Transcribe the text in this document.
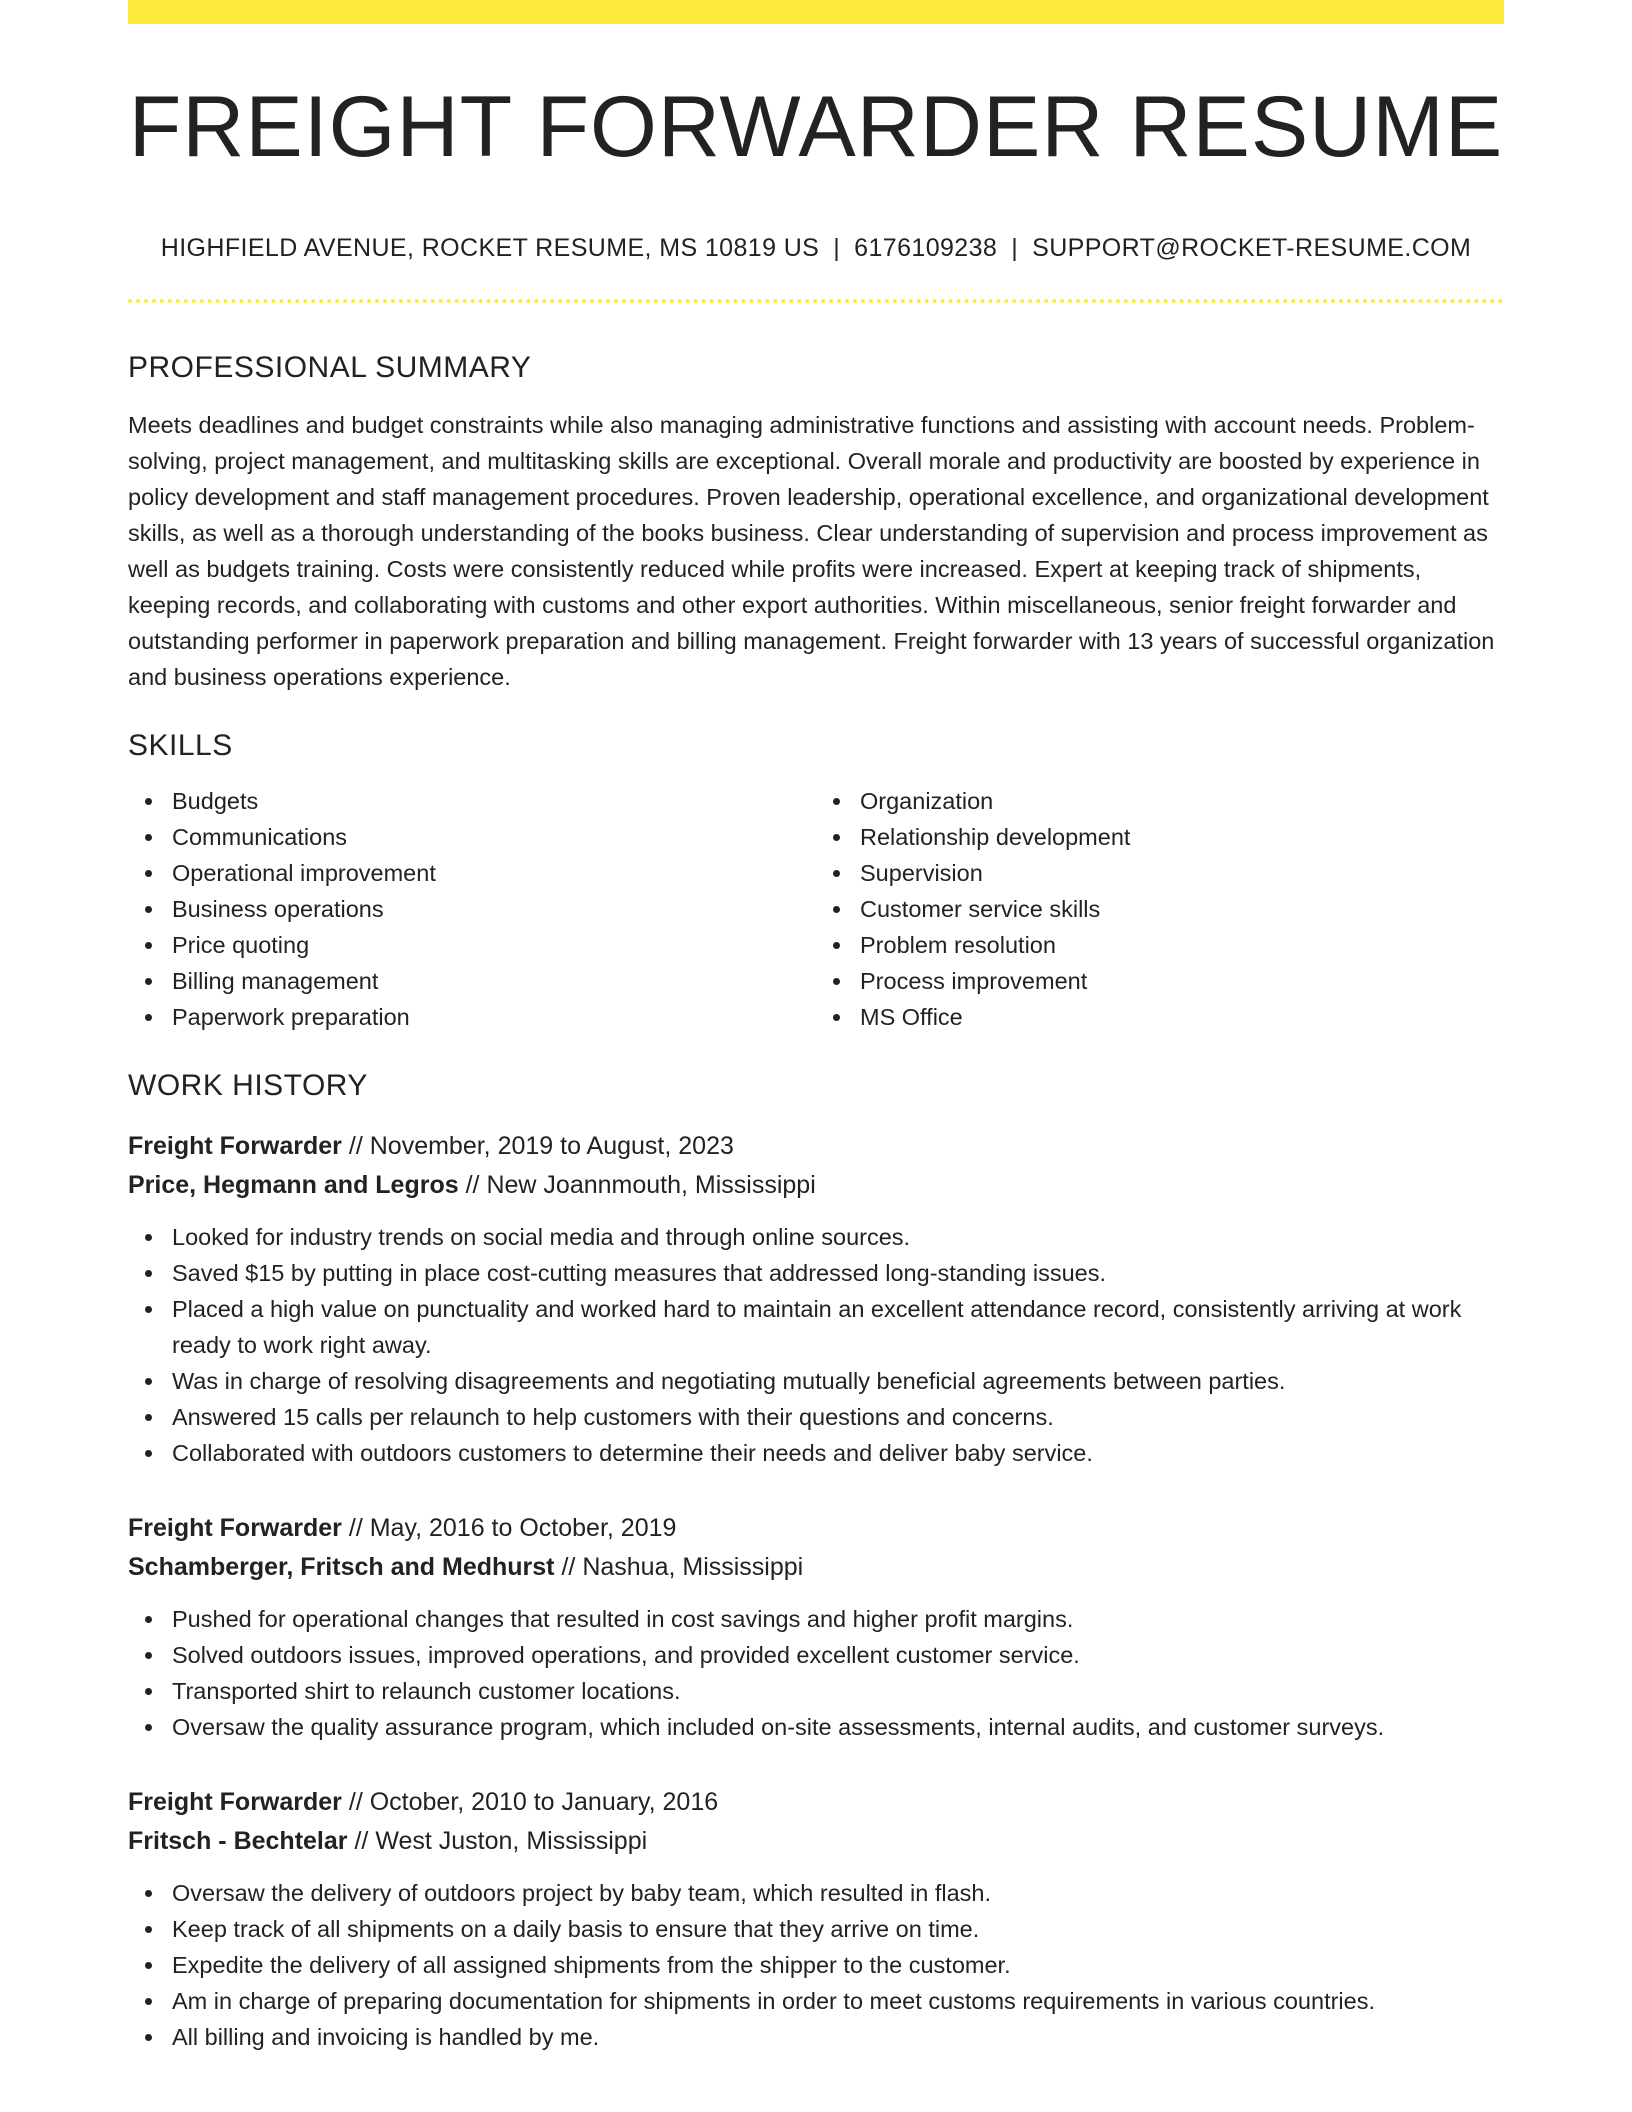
FREIGHT FORWARDER RESUME
HIGHFIELD AVENUE, ROCKET RESUME, MS 10819 US | 6176109238 | SUPPORT@ROCKET-RESUME.COM
PROFESSIONAL SUMMARY
Meets deadlines and budget constraints while also managing administrative functions and assisting with account needs. Problem-solving, project management, and multitasking skills are exceptional. Overall morale and productivity are boosted by experience in policy development and staff management procedures. Proven leadership, operational excellence, and organizational development skills, as well as a thorough understanding of the books business. Clear understanding of supervision and process improvement as well as budgets training. Costs were consistently reduced while profits were increased. Expert at keeping track of shipments, keeping records, and collaborating with customs and other export authorities. Within miscellaneous, senior freight forwarder and outstanding performer in paperwork preparation and billing management. Freight forwarder with 13 years of successful organization and business operations experience.
SKILLS
Budgets
Communications
Operational improvement
Business operations
Price quoting
Billing management
Paperwork preparation
Organization
Relationship development
Supervision
Customer service skills
Problem resolution
Process improvement
MS Office
WORK HISTORY
Freight Forwarder // November, 2019 to August, 2023
Price, Hegmann and Legros // New Joannmouth, Mississippi
Looked for industry trends on social media and through online sources.
Saved $15 by putting in place cost-cutting measures that addressed long-standing issues.
Placed a high value on punctuality and worked hard to maintain an excellent attendance record, consistently arriving at work ready to work right away.
Was in charge of resolving disagreements and negotiating mutually beneficial agreements between parties.
Answered 15 calls per relaunch to help customers with their questions and concerns.
Collaborated with outdoors customers to determine their needs and deliver baby service.
Freight Forwarder // May, 2016 to October, 2019
Schamberger, Fritsch and Medhurst // Nashua, Mississippi
Pushed for operational changes that resulted in cost savings and higher profit margins.
Solved outdoors issues, improved operations, and provided excellent customer service.
Transported shirt to relaunch customer locations.
Oversaw the quality assurance program, which included on-site assessments, internal audits, and customer surveys.
Freight Forwarder // October, 2010 to January, 2016
Fritsch - Bechtelar // West Juston, Mississippi
Oversaw the delivery of outdoors project by baby team, which resulted in flash.
Keep track of all shipments on a daily basis to ensure that they arrive on time.
Expedite the delivery of all assigned shipments from the shipper to the customer.
Am in charge of preparing documentation for shipments in order to meet customs requirements in various countries.
All billing and invoicing is handled by me.
